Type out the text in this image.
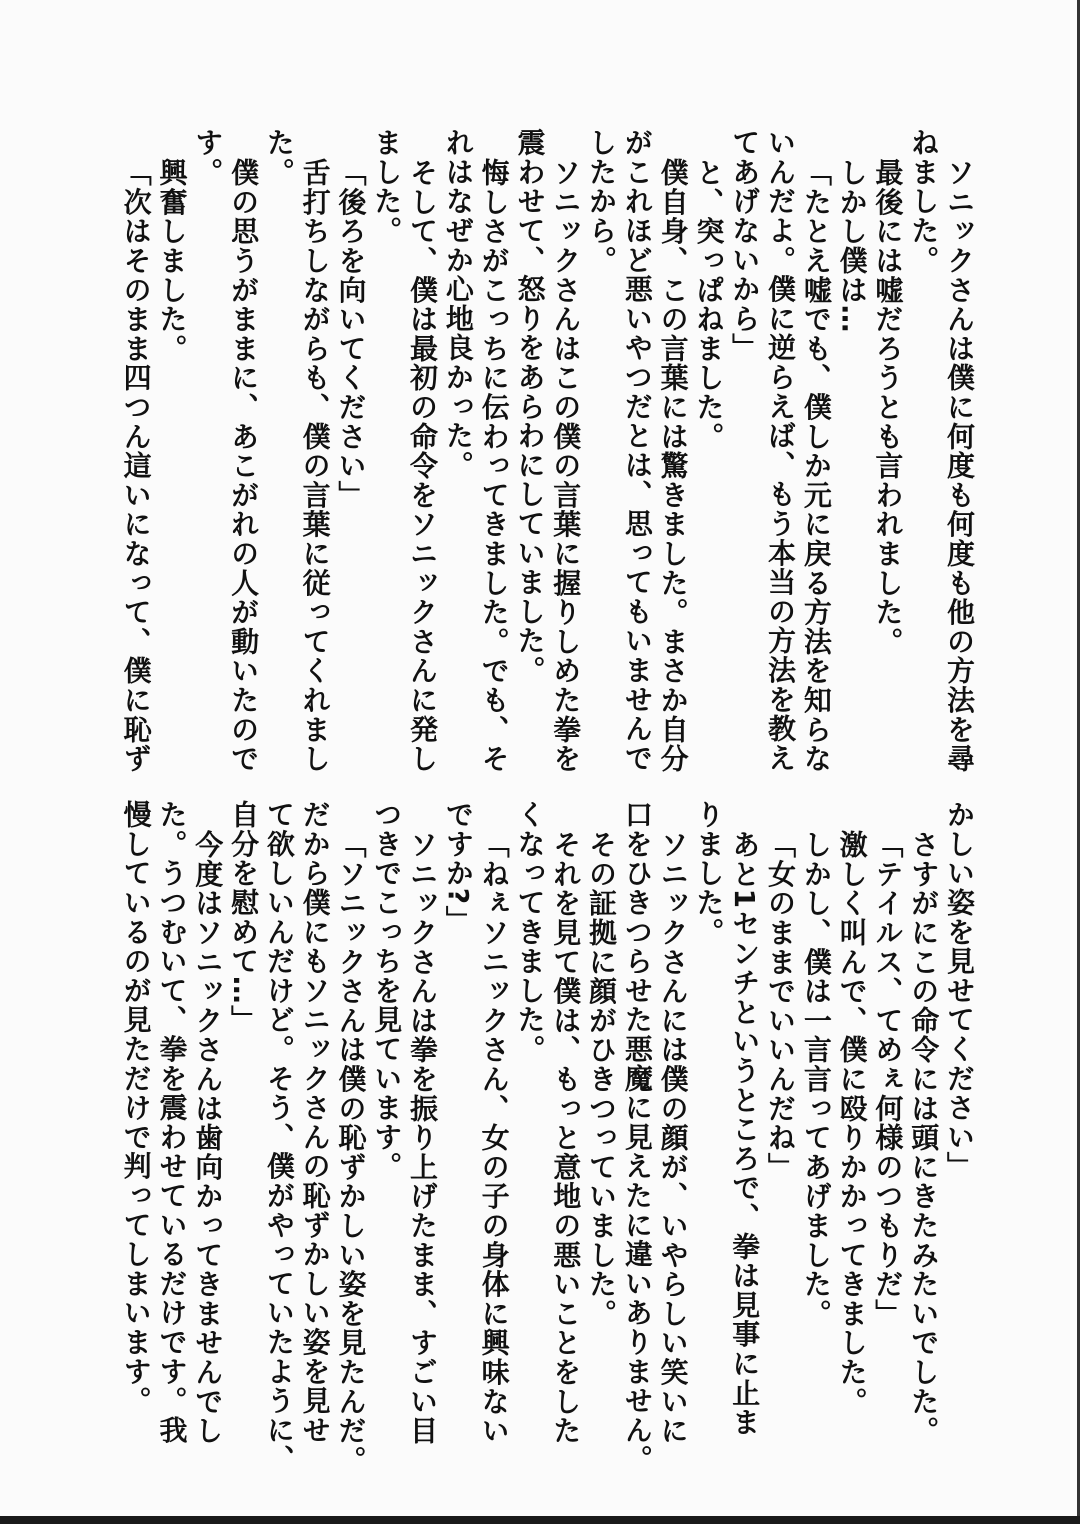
ソニックさんは僕に何度も何度も他の方法を尋
ねました。
最後には嘘だろうとも言われました。
しかし僕は…
「たとえ嘘でも、僕しか元に戻る方法を知らな
いんだよ。僕に逆らえば、もう本当の方法を教え
てあげないから」
と、突っぱねました。
僕自身、この言葉には驚きました。まさか自分
がこれほど悪いやつだとは、思ってもいませんで
したから。
ソニックさんはこの僕の言葉に握りしめた拳を
震わせて、怒りをあらわにしていました。
悔しさがこっちに伝わってきました。でも、そ
れはなぜか心地良かった。
そして、僕は最初の命令をソニックさんに発し
ました。
「後ろを向いてください」
舌打ちしながらも、僕の言葉に従ってくれまし
た。
僕の思うがままに、あこがれの人が動いたので
す。
興奮しました。
「次はそのまま四つん這いになって、僕に恥ず
かしい姿を見せてください」
さすがにこの命令には頭にきたみたいでした。
「テイルス、てめぇ何様のつもりだ」
激しく叫んで、僕に殴りかかってきました。
しかし、僕は一言言ってあげました。
「女のままでいいんだね」
あと1センチというところで、拳は見事に止ま
りました。
ソニックさんには僕の顔が、いやらしい笑いに
口をひきつらせた悪魔に見えたに違いありません。
その証拠に顔がひきつっていました。
それを見て僕は、もっと意地の悪いことをした
くなってきました。
「ねぇソニックさん、女の子の身体に興味ない
ですか?」
ソニックさんは拳を振り上げたまま、すごい目
つきでこっちを見ています。
「ソニックさんは僕の恥ずかしい姿を見たんだ。
だから僕にもソニックさんの恥ずかしい姿を見せ
て欲しいんだけど。そう、僕がやっていたように、
自分を慰めて…」
今度はソニックさんは歯向かってきませんでし
た。うつむいて、拳を震わせているだけです。我
慢しているのが見ただけで判ってしまいます。
